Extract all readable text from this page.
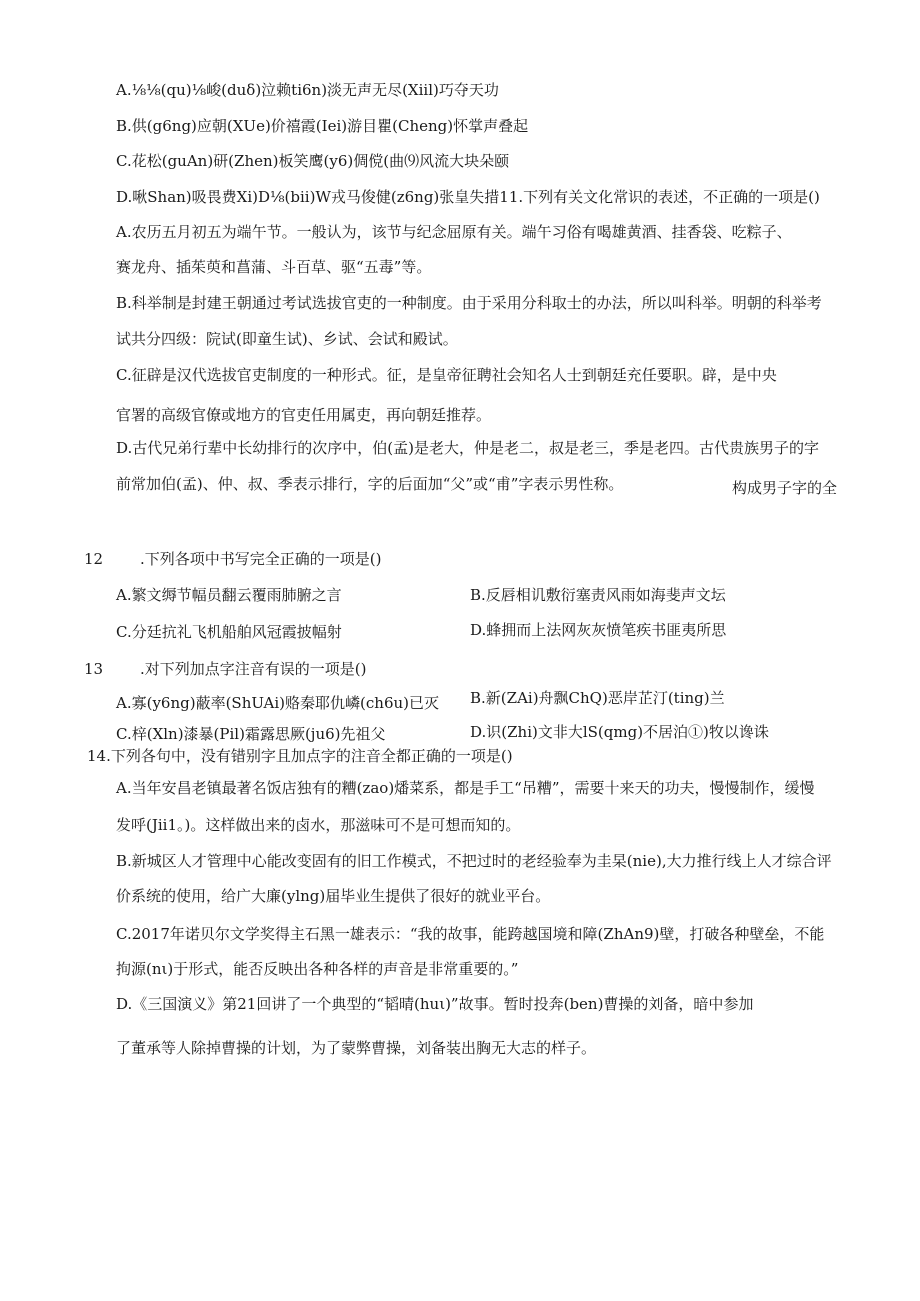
A.⅛⅛(qu)⅛峻(duδ)泣赖ti6n)淡无声无尽(Xiil)巧夺天功
B.供(g6ng)应朝(XUe)价禧霞(Iei)游目瞿(Cheng)怀掌声叠起
C.花松(guAn)研(Zhen)板笑鹰(y6)倜傥(曲⑼风流大块朵颐
D.啾Shan)吸畏费Xi)D⅛(bii)W戎马俊健(z6ng)张皇失措11.下列有关文化常识的表述，不正确的一项是()
A.农历五月初五为端午节。一般认为，该节与纪念屈原有关。端午习俗有喝雄黄酒、挂香袋、吃粽子、
赛龙舟、插茱萸和菖蒲、斗百草、驱“五毒”等。
B.科举制是封建王朝通过考试选拔官吏的一种制度。由于采用分科取士的办法，所以叫科举。明朝的科举考
试共分四级：院试(即童生试)、乡试、会试和殿试。
C.征辟是汉代选拔官吏制度的一种形式。征，是皇帝征聘社会知名人士到朝廷充任要职。辟，是中央
官署的高级官僚或地方的官吏任用属吏，再向朝廷推荐。
D.古代兄弟行辈中长幼排行的次序中，伯(孟)是老大，仲是老二，叔是老三，季是老四。古代贵族男子的字
前常加伯(孟)、仲、叔、季表示排行，字的后面加“父”或“甫”字表示男性称。	构成男子字的全
12 .下列各项中书写完全正确的一项是()
A.繁文缛节幅员翻云覆雨肺腑之言	B.反唇相讥敷衍塞责风雨如海斐声文坛
C.分廷抗礼飞机船舶风冠霞披幅射	D.蜂拥而上法网灰灰愤笔疾书匪夷所思
13 .对下列加点字注音有误的一项是()
A.寡(y6ng)蔽率(ShUAi)赂秦耶仇嶙(ch6u)已灭 B.新(ZAi)舟飘ChQ)恶岸芷汀(ting)兰
C.梓(Xln)漆暴(Pil)霜露思厥(ju6)先祖父	D.识(Zhi)文非大lS(qmg)不居泊①)牧以谗诛
14.下列各句中，没有错别字且加点字的注音全都正确的一项是()
A.当年安昌老镇最著名饭店独有的糟(zao)燔菜系，都是手工“吊糟”，需要十来天的功夫，慢慢制作，缓慢
发呼(Jii1。)。这样做出来的卤水，那滋味可不是可想而知的。
B.新城区人才管理中心能改变固有的旧工作模式，不把过时的老经验奉为圭杲(nie),大力推行线上人才综合评
价系统的使用，给广大廉(ylng)届毕业生提供了很好的就业平台。
C.2017年诺贝尔文学奖得主石黑一雄表示：“我的故事，能跨越国境和障(ZhAn9)壁，打破各种壁垒，不能
拘源(nι)于形式，能否反映出各种各样的声音是非常重要的。”
D.《三国演义》第21回讲了一个典型的“韬晴(huι)”故事。暂时投奔(ben)曹操的刘备，暗中参加
了董承等人除掉曹操的计划，为了蒙弊曹操，刘备装出胸无大志的样子。
